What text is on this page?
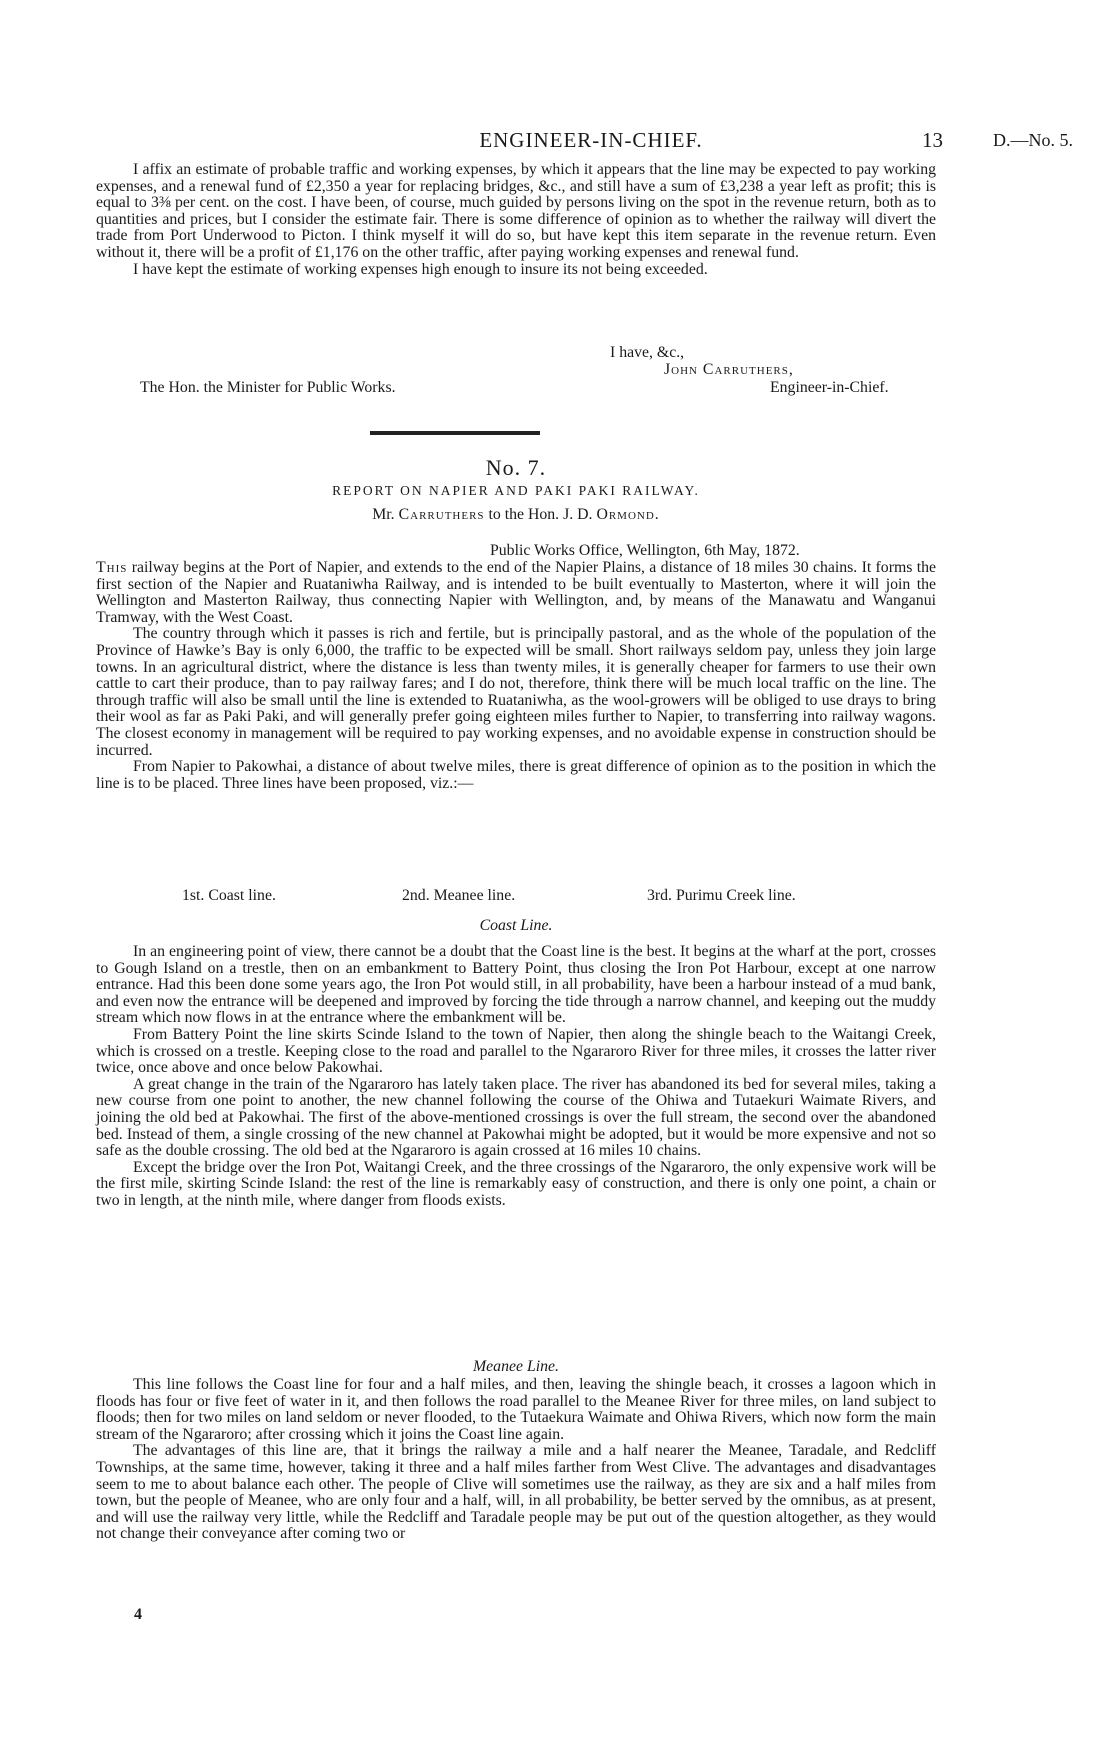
ENGINEER-IN-CHIEF.	13	D.—No. 5.

I affix an estimate of probable traffic and working expenses, by which it appears that the line may be expected to pay working expenses, and a renewal fund of £2,350 a year for replacing bridges, &c., and still have a sum of £3,238 a year left as profit; this is equal to 3⅜ per cent. on the cost. I have been, of course, much guided by persons living on the spot in the revenue return, both as to quantities and prices, but I consider the estimate fair. There is some difference of opinion as to whether the railway will divert the trade from Port Underwood to Picton. I think myself it will do so, but have kept this item separate in the revenue return. Even without it, there will be a profit of £1,176 on the other traffic, after paying working expenses and renewal fund.

I have kept the estimate of working expenses high enough to insure its not being exceeded.

I have, &c.,
John Carruthers,
The Hon. the Minister for Public Works.	Engineer-in-Chief.
No. 7.
REPORT ON NAPIER AND PAKI PAKI RAILWAY.
Mr. Carruthers to the Hon. J. D. Ormond.
Public Works Office, Wellington, 6th May, 1872.

This railway begins at the Port of Napier, and extends to the end of the Napier Plains, a distance of 18 miles 30 chains. It forms the first section of the Napier and Ruataniwha Railway, and is intended to be built eventually to Masterton, where it will join the Wellington and Masterton Railway, thus connecting Napier with Wellington, and, by means of the Manawatu and Wanganui Tramway, with the West Coast.

The country through which it passes is rich and fertile, but is principally pastoral, and as the whole of the population of the Province of Hawke’s Bay is only 6,000, the traffic to be expected will be small. Short railways seldom pay, unless they join large towns. In an agricultural district, where the distance is less than twenty miles, it is generally cheaper for farmers to use their own cattle to cart their produce, than to pay railway fares; and I do not, therefore, think there will be much local traffic on the line. The through traffic will also be small until the line is extended to Ruataniwha, as the wool-growers will be obliged to use drays to bring their wool as far as Paki Paki, and will generally prefer going eighteen miles further to Napier, to transferring into railway wagons. The closest economy in management will be required to pay working expenses, and no avoidable expense in construction should be incurred.

From Napier to Pakowhai, a distance of about twelve miles, there is great difference of opinion as to the position in which the line is to be placed. Three lines have been proposed, viz.:—

1st. Coast line.	2nd. Meanee line.	3rd. Purimu Creek line.
Coast Line.

In an engineering point of view, there cannot be a doubt that the Coast line is the best. It begins at the wharf at the port, crosses to Gough Island on a trestle, then on an embankment to Battery Point, thus closing the Iron Pot Harbour, except at one narrow entrance. Had this been done some years ago, the Iron Pot would still, in all probability, have been a harbour instead of a mud bank, and even now the entrance will be deepened and improved by forcing the tide through a narrow channel, and keeping out the muddy stream which now flows in at the entrance where the embankment will be.

From Battery Point the line skirts Scinde Island to the town of Napier, then along the shingle beach to the Waitangi Creek, which is crossed on a trestle. Keeping close to the road and parallel to the Ngararoro River for three miles, it crosses the latter river twice, once above and once below Pakowhai.

A great change in the train of the Ngararoro has lately taken place. The river has abandoned its bed for several miles, taking a new course from one point to another, the new channel following the course of the Ohiwa and Tutaekuri Waimate Rivers, and joining the old bed at Pakowhai. The first of the above-mentioned crossings is over the full stream, the second over the abandoned bed. Instead of them, a single crossing of the new channel at Pakowhai might be adopted, but it would be more expensive and not so safe as the double crossing. The old bed at the Ngararoro is again crossed at 16 miles 10 chains.

Except the bridge over the Iron Pot, Waitangi Creek, and the three crossings of the Ngararoro, the only expensive work will be the first mile, skirting Scinde Island: the rest of the line is remarkably easy of construction, and there is only one point, a chain or two in length, at the ninth mile, where danger from floods exists.

Meanee Line.

This line follows the Coast line for four and a half miles, and then, leaving the shingle beach, it crosses a lagoon which in floods has four or five feet of water in it, and then follows the road parallel to the Meanee River for three miles, on land subject to floods; then for two miles on land seldom or never flooded, to the Tutaekura Waimate and Ohiwa Rivers, which now form the main stream of the Ngararoro; after crossing which it joins the Coast line again.

The advantages of this line are, that it brings the railway a mile and a half nearer the Meanee, Taradale, and Redcliff Townships, at the same time, however, taking it three and a half miles farther from West Clive. The advantages and disadvantages seem to me to about balance each other. The people of Clive will sometimes use the railway, as they are six and a half miles from town, but the people of Meanee, who are only four and a half, will, in all probability, be better served by the omnibus, as at present, and will use the railway very little, while the Redcliff and Taradale people may be put out of the question altogether, as they would not change their conveyance after coming two or

4
